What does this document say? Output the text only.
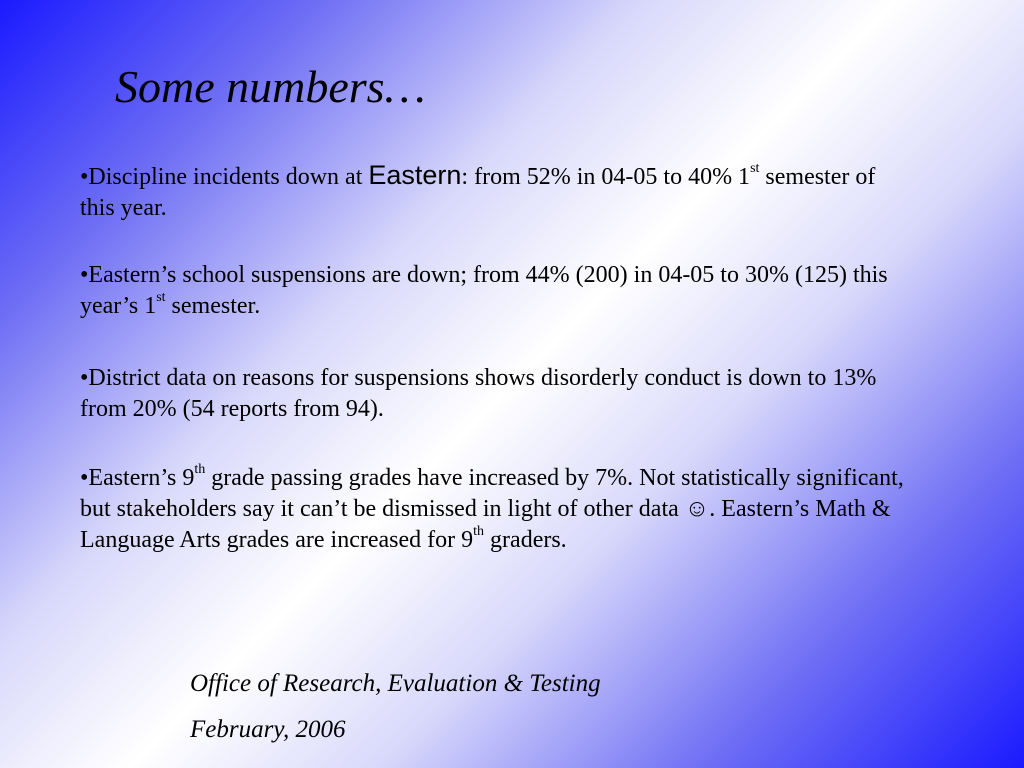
Some numbers…

•Discipline incidents down at Eastern: from 52% in 04-05 to 40% 1st semester of this year.

•Eastern’s school suspensions are down; from 44% (200) in 04-05 to 30% (125) this year’s 1st semester.

•District data on reasons for suspensions shows disorderly conduct is down to 13% from 20% (54 reports from 94).

•Eastern’s 9th grade passing grades have increased by 7%. Not statistically significant, but stakeholders say it can’t be dismissed in light of other data ☺. Eastern’s Math & Language Arts grades are increased for 9th graders.

Office of Research, Evaluation & Testing
February, 2006
